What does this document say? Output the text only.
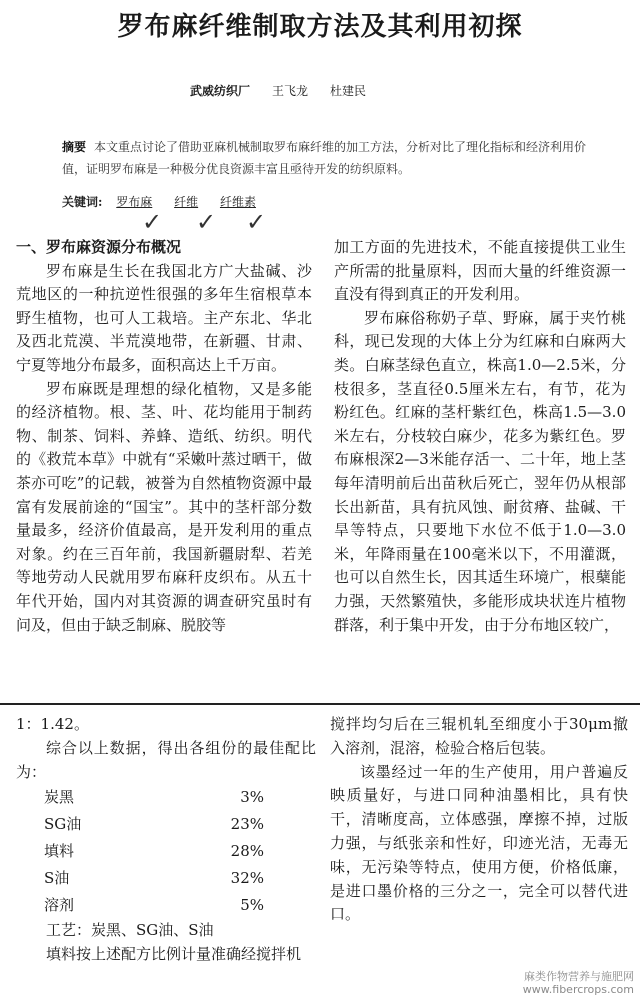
罗布麻纤维制取方法及其利用初探
武威纺织厂 王飞龙 杜建民
摘要 本文重点讨论了借助亚麻机械制取罗布麻纤维的加工方法，分析对比了理化指标和经济利用价值，证明罗布麻是一种极分优良资源丰富且亟待开发的纺织原料。
关键词: 罗布麻 纤维 纤维素
✓ ✓ ✓

一、罗布麻资源分布概况

罗布麻是生长在我国北方广大盐碱、沙荒地区的一种抗逆性很强的多年生宿根草本野生植物，也可人工栽培。主产东北、华北及西北荒漠、半荒漠地带，在新疆、甘肃、宁夏等地分布最多，面积高达上千万亩。

罗布麻既是理想的绿化植物，又是多能的经济植物。根、茎、叶、花均能用于制药物、制茶、饲料、养蜂、造纸、纺织。明代的《救荒本草》中就有“采嫩叶蒸过晒干，做茶亦可吃”的记载，被誉为自然植物资源中最富有发展前途的“国宝”。其中的茎杆部分数量最多，经济价值最高，是开发利用的重点对象。约在三百年前，我国新疆尉犁、若羌等地劳动人民就用罗布麻秆皮织布。从五十年代开始，国内对其资源的调查研究虽时有问及，但由于缺乏制麻、脱胶等

加工方面的先进技术，不能直接提供工业生产所需的批量原料，因而大量的纤维资源一直没有得到真正的开发利用。

罗布麻俗称奶子草、野麻，属于夹竹桃科，现已发现的大体上分为红麻和白麻两大类。白麻茎绿色直立，株高1.0—2.5米，分枝很多，茎直径0.5厘米左右，有节，花为粉红色。红麻的茎杆紫红色，株高1.5—3.0米左右，分枝较白麻少，花多为紫红色。罗布麻根深2—3米能存活一、二十年，地上茎每年清明前后出苗秋后死亡，翌年仍从根部长出新苗，具有抗风蚀、耐贫瘠、盐碱、干旱等特点，只要地下水位不低于1.0—3.0米，年降雨量在100毫米以下，不用灌溉，也可以自然生长，因其适生环境广，根蘖能力强，天然繁殖快，多能形成块状连片植物群落，利于集中开发，由于分布地区较广，

1：1.42。

综合以上数据，得出各组份的最佳配比为：

炭黑	3%
SG油	23%
填料	28%
S油	32%
溶剂	5%

工艺：炭黑、SG油、S油

填料按上述配方比例计量准确经搅拌机

搅拌均匀后在三辊机轧至细度小于30μm撤入溶剂，混溶，检验合格后包装。

该墨经过一年的生产使用，用户普遍反映质量好，与进口同种油墨相比，具有快干，清晰度高，立体感强，摩擦不掉，过版力强，与纸张亲和性好，印迹光洁，无毒无味，无污染等特点，使用方便，价格低廉，是进口墨价格的三分之一，完全可以替代进口。

麻类作物营养与施肥网
www.fibercrops.com
